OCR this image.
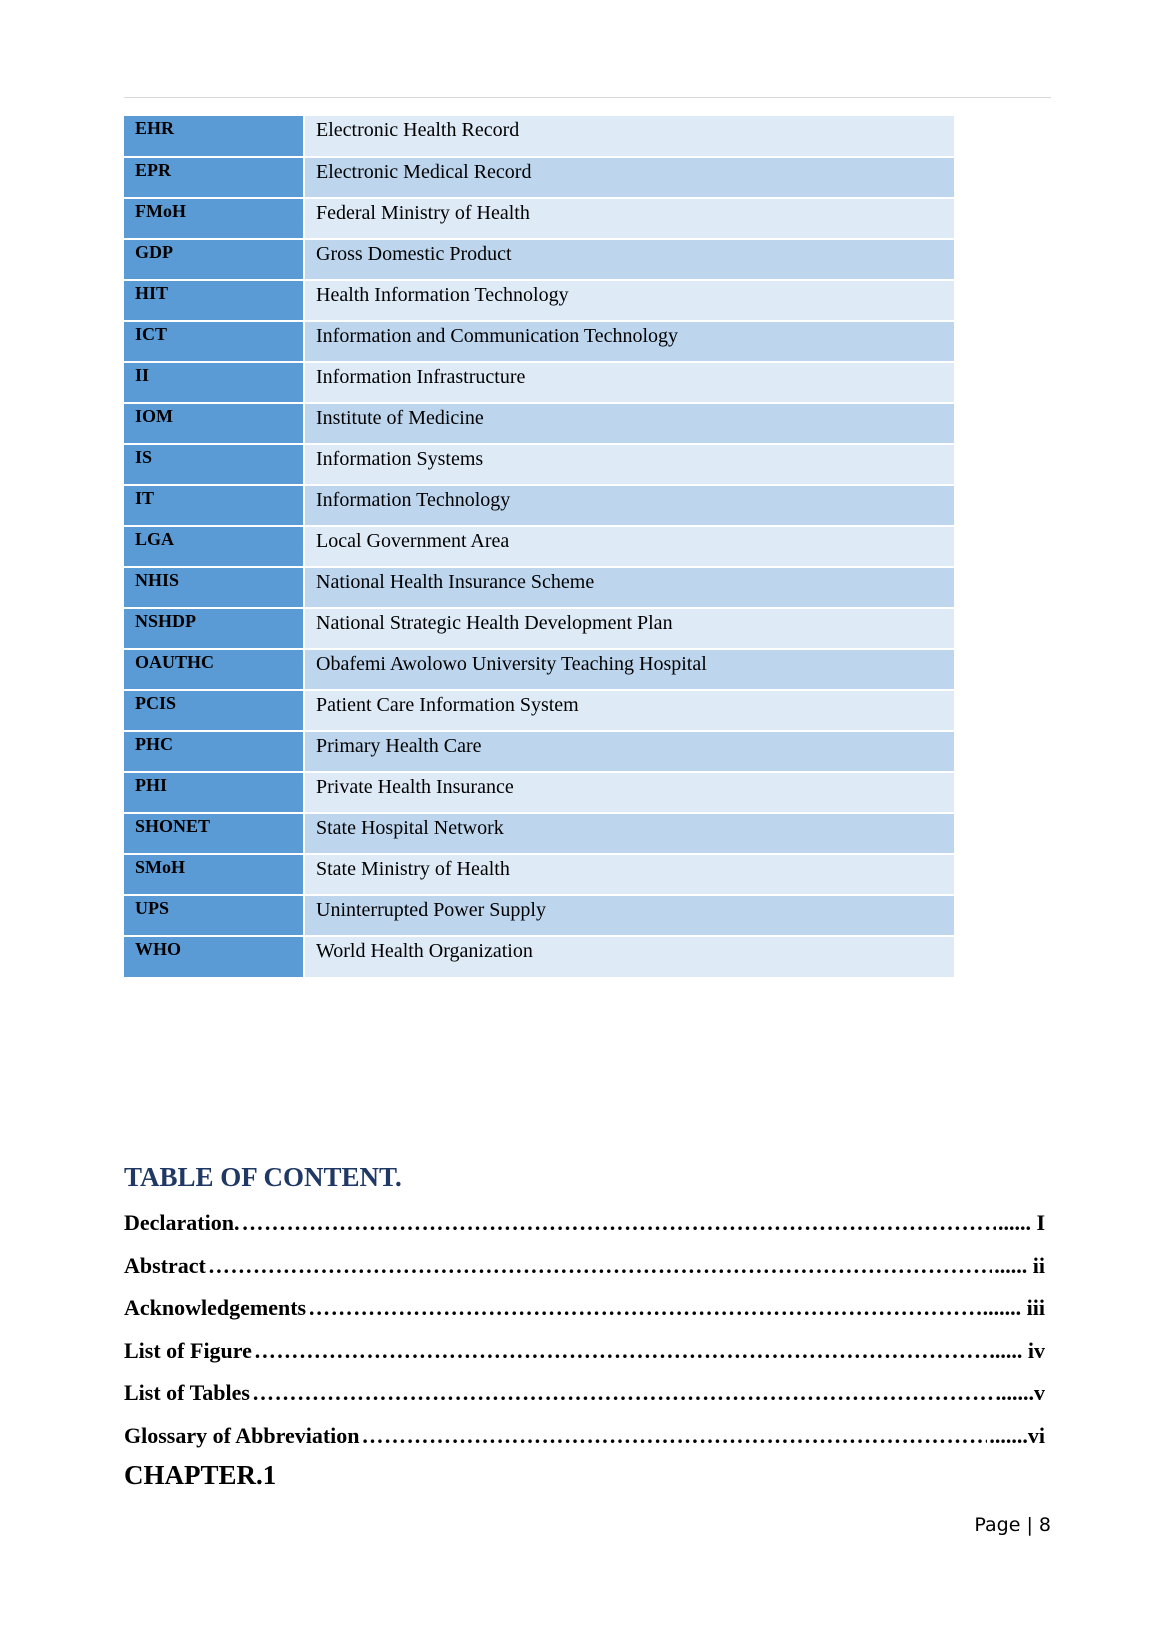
EHR	Electronic Health Record
EPR	Electronic Medical Record
FMoH	Federal Ministry of Health
GDP	Gross Domestic Product
HIT	Health Information Technology
ICT	Information and Communication Technology
II	Information Infrastructure
IOM	Institute of Medicine
IS	Information Systems
IT	Information Technology
LGA	Local Government Area
NHIS	National Health Insurance Scheme
NSHDP	National Strategic Health Development Plan
OAUTHC	Obafemi Awolowo University Teaching Hospital
PCIS	Patient Care Information System
PHC	Primary Health Care
PHI	Private Health Insurance
SHONET	State Hospital Network
SMoH	State Ministry of Health
UPS	Uninterrupted Power Supply
WHO	World Health Organization
TABLE OF CONTENT.
Declaration. …………………………………………………………………………………………………………………………………………………	...... I
Abstract …………………………………………………………………………………………………………………………………………………	...... ii
Acknowledgements …………………………………………………………………………………………………………………………………………………	....... iii
List of Figure …………………………………………………………………………………………………………………………………………………	...... iv
List of Tables …………………………………………………………………………………………………………………………………………………	.......v
Glossary of Abbreviation …………………………………………………………………………………………………………………………………………………	.......vi
CHAPTER.1
Page | 8
